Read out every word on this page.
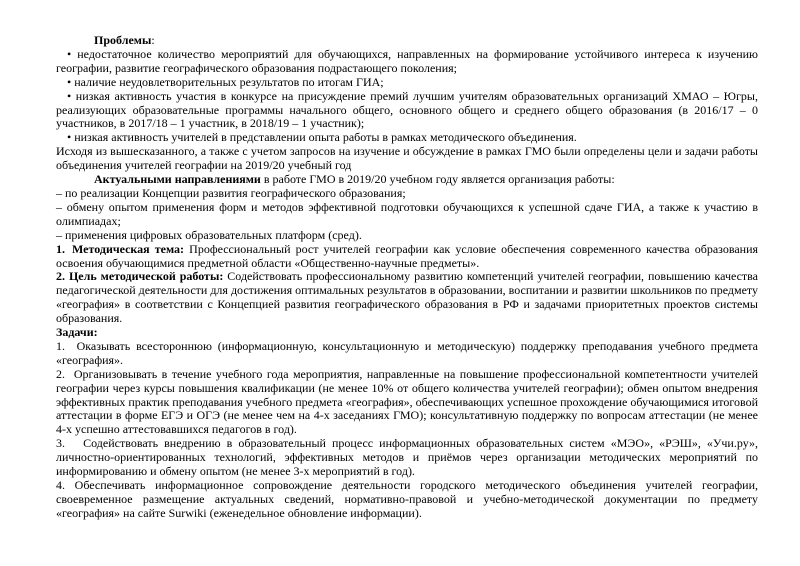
Проблемы:

• недостаточное количество мероприятий для обучающихся, направленных на формирование устойчивого интереса к изучению географии, развитие географического образования подрастающего поколения;

• наличие неудовлетворительных результатов по итогам ГИА;

• низкая активность участия в конкурсе на присуждение премий лучшим учителям образовательных организаций ХМАО – Югры, реализующих образовательные программы начального общего, основного общего и среднего общего образования (в 2016/17 – 0 участников, в 2017/18 – 1 участник, в 2018/19 – 1 участник);

• низкая активность учителей в представлении опыта работы в рамках методического объединения.

Исходя из вышесказанного, а также с учетом запросов на изучение и обсуждение в рамках ГМО были определены цели и задачи работы объединения учителей географии на 2019/20 учебный год

Актуальными направлениями в работе ГМО в 2019/20 учебном году является организация работы:

– по реализации Концепции развития географического образования;

– обмену опытом применения форм и методов эффективной подготовки обучающихся к успешной сдаче ГИА, а также к участию в олимпиадах;

– применения цифровых образовательных платформ (сред).

1. Методическая тема: Профессиональный рост учителей географии как условие обеспечения современного качества образования освоения обучающимися предметной области «Общественно-научные предметы».

2. Цель методической работы: Содействовать профессиональному развитию компетенций учителей географии, повышению качества педагогической деятельности для достижения оптимальных результатов в образовании, воспитании и развитии школьников по предмету «география» в соответствии с Концепцией развития географического образования в РФ и задачами приоритетных проектов системы образования.

Задачи:

1.  Оказывать всестороннюю (информационную, консультационную и методическую) поддержку преподавания учебного предмета «география».

2.  Организовывать в течение учебного года мероприятия, направленные на повышение профессиональной компетентности учителей географии через курсы повышения квалификации (не менее 10% от общего количества учителей географии); обмен опытом внедрения эффективных практик преподавания учебного предмета «география», обеспечивающих успешное прохождение обучающимися итоговой аттестации в форме ЕГЭ и ОГЭ (не менее чем на 4-х заседаниях ГМО); консультативную поддержку по вопросам аттестации (не менее 4-х успешно аттестовавшихся педагогов в год).

3.   Содействовать внедрению в образовательный процесс информационных образовательных систем «МЭО», «РЭШ», «Учи.ру», личностно-ориентированных технологий, эффективных методов и приёмов через организации методических мероприятий по информированию и обмену опытом (не менее 3-х мероприятий в год).

4. Обеспечивать информационное сопровождение деятельности городского методического объединения учителей географии, своевременное размещение актуальных сведений, нормативно-правовой и учебно-методической документации по предмету «география» на сайте Surwiki (еженедельное обновление информации).
